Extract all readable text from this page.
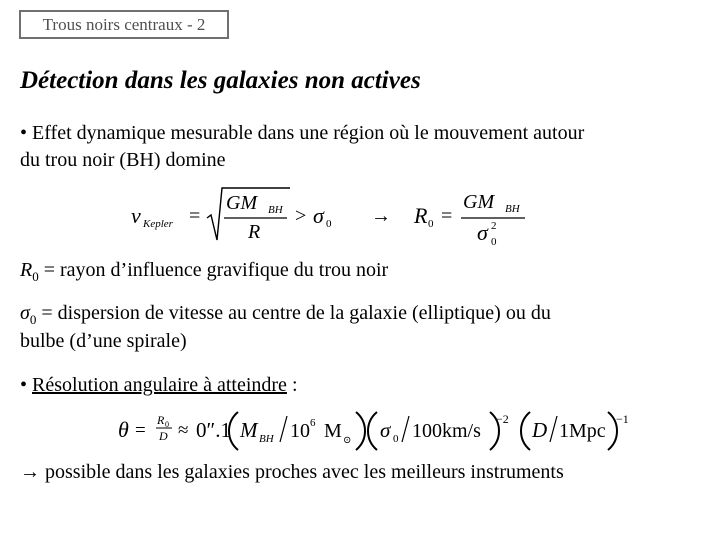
Trous noirs centraux - 2
Détection dans les galaxies non actives
• Effet dynamique mesurable dans une région où le mouvement autour
du trou noir (BH) domine
v Kepler =
GM BH
R
> σ 0 → R 0 =
GM BH
σ 0
2
$R_0$ = rayon d’influence gravifique du trou noir
$\sigma_0$ = dispersion de vitesse au centre de la galaxie (elliptique) ou du
bulbe (d’une spirale)
• Résolution angulaire à atteindre :
θ = R 0
D ≈ 0″.1 M BH 10 6 M ⊙ σ 0 100km/s
−2 D 1Mpc
−1
→ possible dans les galaxies proches avec les meilleurs instruments
